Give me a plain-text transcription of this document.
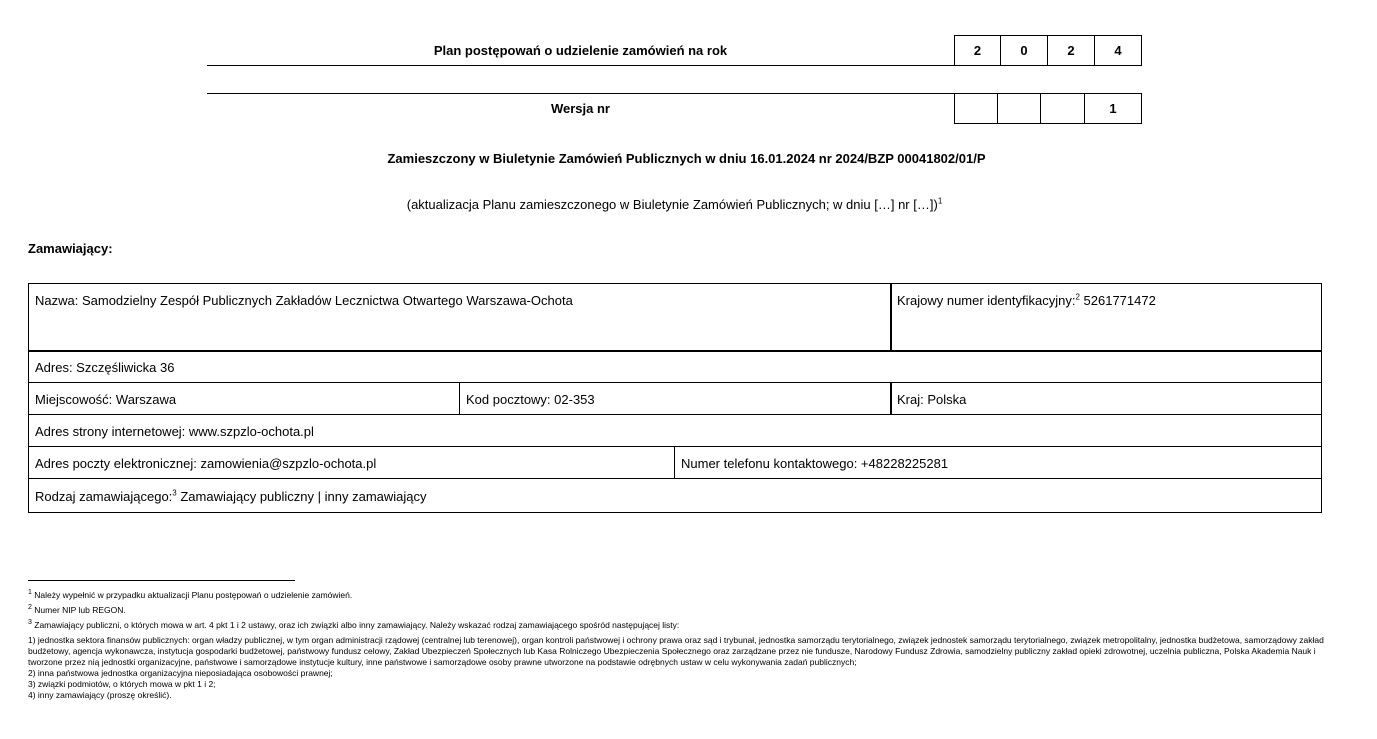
Plan postępowań o udzielenie zamówień na rok	2	0	2	4
Wersja nr	1
Zamieszczony w Biuletynie Zamówień Publicznych w dniu 16.01.2024 nr 2024/BZP 00041802/01/P
(aktualizacja Planu zamieszczonego w Biuletynie Zamówień Publicznych; w dniu […] nr […])$^1$
Zamawiający:
Nazwa: Samodzielny Zespół Publicznych Zakładów Lecznictwa Otwartego Warszawa-Ochota	Krajowy numer identyfikacyjny:$^2$ 5261771472
Adres: Szczęśliwicka 36
Miejscowość: Warszawa	Kod pocztowy: 02-353	Kraj: Polska
Adres strony internetowej: www.szpzlo-ochota.pl
Adres poczty elektronicznej: zamowienia@szpzlo-ochota.pl	Numer telefonu kontaktowego: +48228225281
Rodzaj zamawiającego:$^3$ Zamawiający publiczny | inny zamawiający
$^1$ Należy wypełnić w przypadku aktualizacji Planu postępowań o udzielenie zamówień.
$^2$ Numer NIP lub REGON.
$^3$ Zamawiający publiczni, o których mowa w art. 4 pkt 1 i 2 ustawy, oraz ich związki albo inny zamawiający. Należy wskazać rodzaj zamawiającego spośród następującej listy:
1) jednostka sektora finansów publicznych: organ władzy publicznej, w tym organ administracji rządowej (centralnej lub terenowej), organ kontroli państwowej i ochrony prawa oraz sąd i trybunał, jednostka samorządu terytorialnego, związek jednostek samorządu terytorialnego, związek metropolitalny, jednostka budżetowa, samorządowy zakład budżetowy, agencja wykonawcza, instytucja gospodarki budżetowej, państwowy fundusz celowy, Zakład Ubezpieczeń Społecznych lub Kasa Rolniczego Ubezpieczenia Społecznego oraz zarządzane przez nie fundusze, Narodowy Fundusz Zdrowia, samodzielny publiczny zakład opieki zdrowotnej, uczelnia publiczna, Polska Akademia Nauk i tworzone przez nią jednostki organizacyjne, państwowe i samorządowe instytucje kultury, inne państwowe i samorządowe osoby prawne utworzone na podstawie odrębnych ustaw w celu wykonywania zadań publicznych;
2) inna państwowa jednostka organizacyjna nieposiadająca osobowości prawnej;
3) związki podmiotów, o których mowa w pkt 1 i 2;
4) inny zamawiający (proszę określić).
